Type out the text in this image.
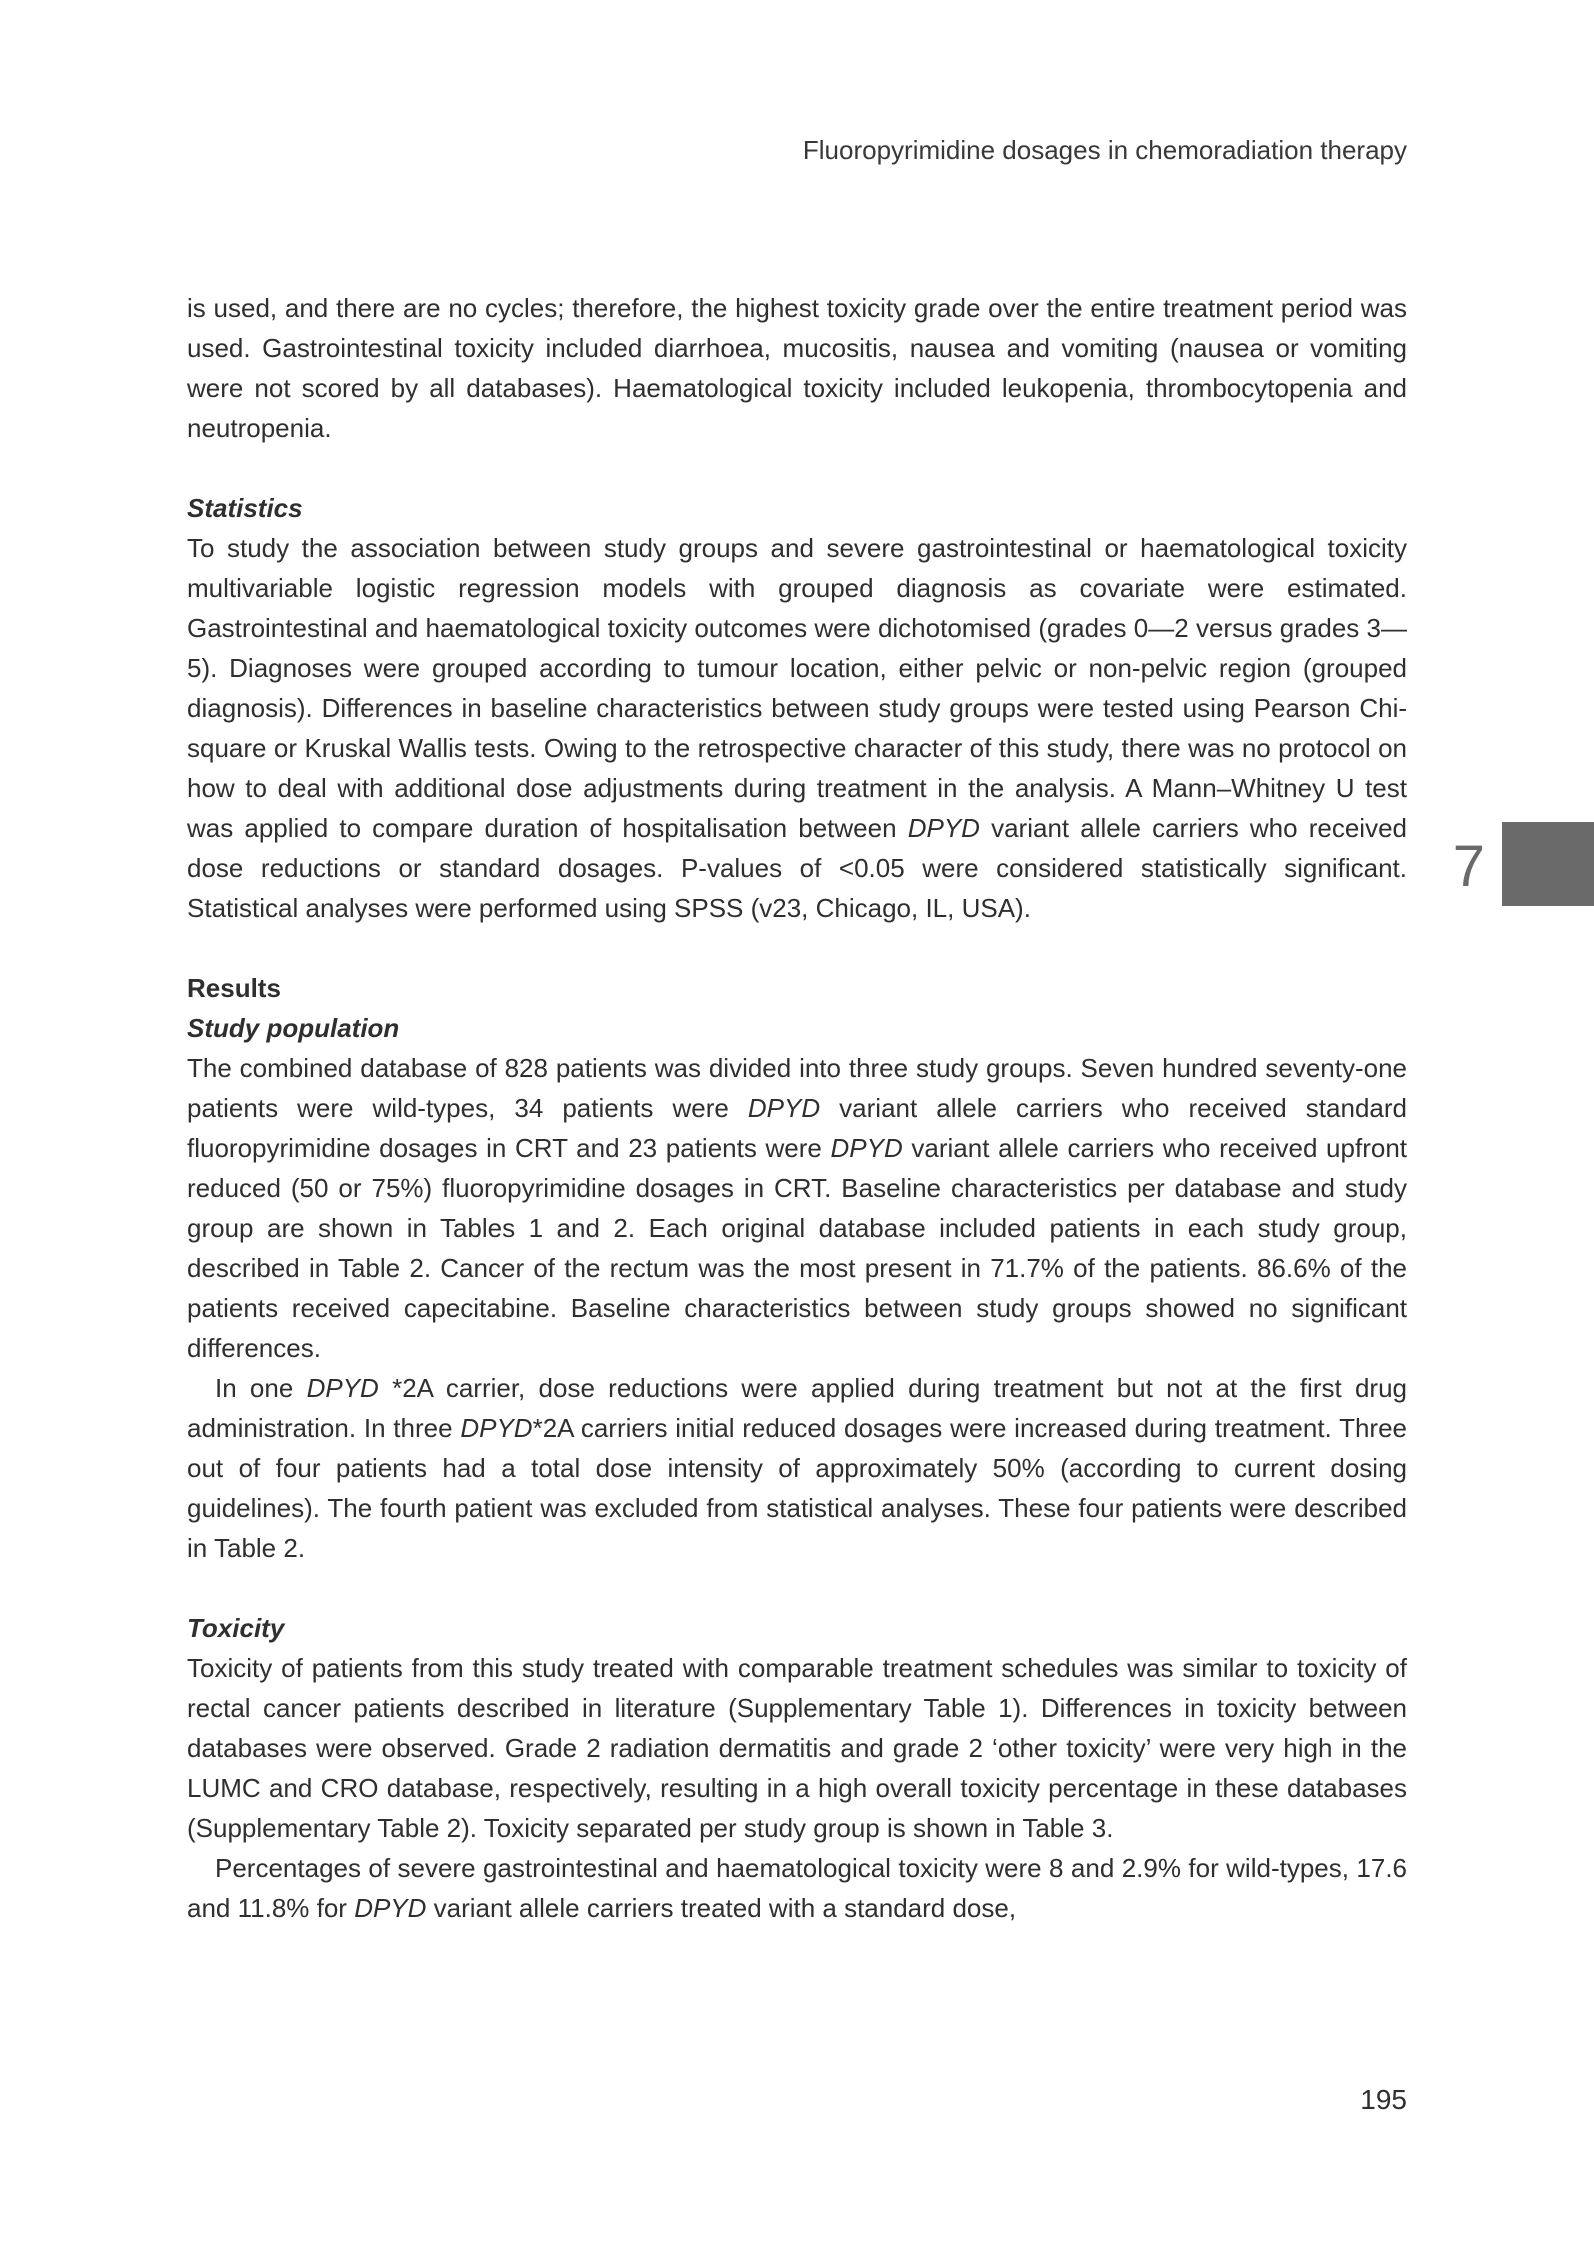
Fluoropyrimidine dosages in chemoradiation therapy
7

is used, and there are no cycles; therefore, the highest toxicity grade over the entire treatment period was used. Gastrointestinal toxicity included diarrhoea, mucositis, nausea and vomiting (nausea or vomiting were not scored by all databases). Haematological toxicity included leukopenia, thrombocytopenia and neutropenia.

Statistics

To study the association between study groups and severe gastrointestinal or haematological toxicity multivariable logistic regression models with grouped diagnosis as covariate were estimated. Gastrointestinal and haematological toxicity outcomes were dichotomised (grades 0—2 versus grades 3—5). Diagnoses were grouped according to tumour location, either pelvic or non-pelvic region (grouped diagnosis). Differences in baseline characteristics between study groups were tested using Pearson Chi-square or Kruskal Wallis tests. Owing to the retrospective character of this study, there was no protocol on how to deal with additional dose adjustments during treatment in the analysis. A Mann–Whitney U test was applied to compare duration of hospitalisation between DPYD variant allele carriers who received dose reductions or standard dosages. P-values of <0.05 were considered statistically significant. Statistical analyses were performed using SPSS (v23, Chicago, IL, USA).

Results
Study population

The combined database of 828 patients was divided into three study groups. Seven hundred seventy-one patients were wild-types, 34 patients were DPYD variant allele carriers who received standard fluoropyrimidine dosages in CRT and 23 patients were DPYD variant allele carriers who received upfront reduced (50 or 75%) fluoropyrimidine dosages in CRT. Baseline characteristics per database and study group are shown in Tables 1 and 2. Each original database included patients in each study group, described in Table 2. Cancer of the rectum was the most present in 71.7% of the patients. 86.6% of the patients received capecitabine. Baseline characteristics between study groups showed no significant differences.

In one DPYD *2A carrier, dose reductions were applied during treatment but not at the first drug administration. In three DPYD*2A carriers initial reduced dosages were increased during treatment. Three out of four patients had a total dose intensity of approximately 50% (according to current dosing guidelines). The fourth patient was excluded from statistical analyses. These four patients were described in Table 2.

Toxicity

Toxicity of patients from this study treated with comparable treatment schedules was similar to toxicity of rectal cancer patients described in literature (Supplementary Table 1). Differences in toxicity between databases were observed. Grade 2 radiation dermatitis and grade 2 ‘other toxicity’ were very high in the LUMC and CRO database, respectively, resulting in a high overall toxicity percentage in these databases (Supplementary Table 2). Toxicity separated per study group is shown in Table 3.

Percentages of severe gastrointestinal and haematological toxicity were 8 and 2.9% for wild-types, 17.6 and 11.8% for DPYD variant allele carriers treated with a standard dose,

195
